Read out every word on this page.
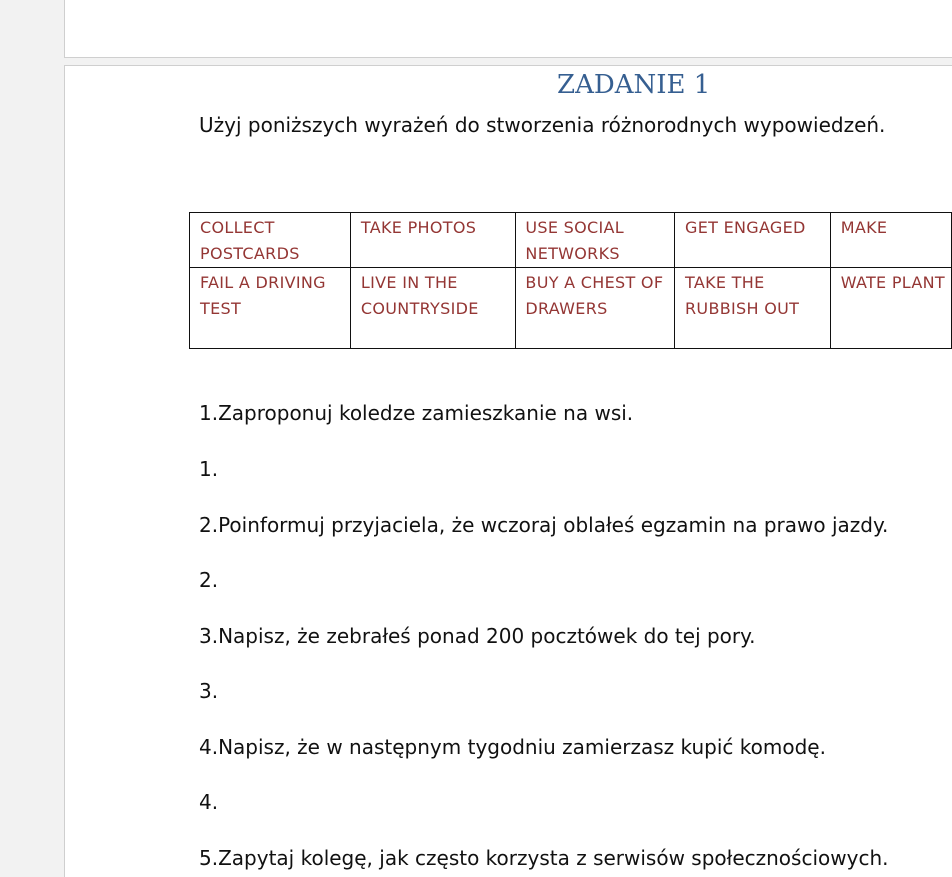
ZADANIE 1
Użyj poniższych wyrażeń do stworzenia różnorodnych wypowiedzeń.
COLLECT POSTCARDS	TAKE PHOTOS	USE SOCIAL NETWORKS	GET ENGAGED	MAKE
FAIL A DRIVING TEST	LIVE IN THE COUNTRYSIDE	BUY A CHEST OF DRAWERS	TAKE THE RUBBISH OUT	WATE PLANT
1.Zaproponuj koledze zamieszkanie na wsi.
1.
2.Poinformuj przyjaciela, że wczoraj oblałeś egzamin na prawo jazdy.
2.
3.Napisz, że zebrałeś ponad 200 pocztówek do tej pory.
3.
4.Napisz, że w następnym tygodniu zamierzasz kupić komodę.
4.
5.Zapytaj kolegę, jak często korzysta z serwisów społecznościowych.
